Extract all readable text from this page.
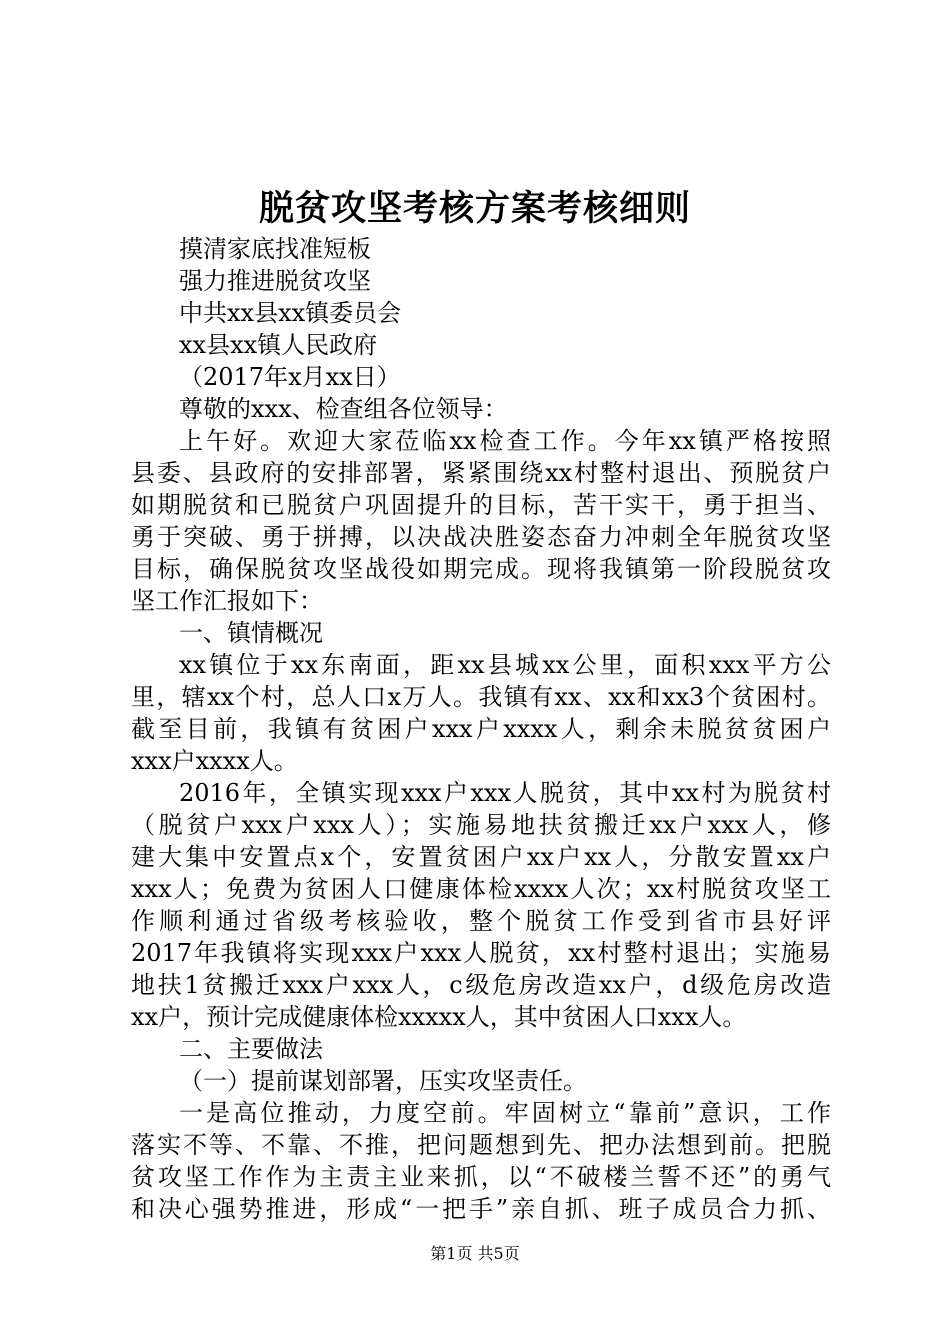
脱贫攻坚考核方案考核细则
摸清家底找准短板
强力推进脱贫攻坚
中共xx县xx镇委员会
xx县xx镇人民政府
（2017年x月xx日）
尊敬的xxx、检查组各位领导：
上午好。欢迎大家莅临xx检查工作。今年xx镇严格按照
县委、县政府的安排部署，紧紧围绕xx村整村退出、预脱贫户
如期脱贫和已脱贫户巩固提升的目标，苦干实干，勇于担当、
勇于突破、勇于拼搏，以决战决胜姿态奋力冲刺全年脱贫攻坚
目标，确保脱贫攻坚战役如期完成。现将我镇第一阶段脱贫攻
坚工作汇报如下：
一、镇情概况
xx镇位于xx东南面，距xx县城xx公里，面积xxx平方公
里，辖xx个村，总人口x万人。我镇有xx、xx和xx3个贫困村。
截至目前，我镇有贫困户xxx户xxxx人，剩余未脱贫贫困户
xxx户xxxx人。
2016年，全镇实现xxx户xxx人脱贫，其中xx村为脱贫村
（脱贫户xxx户xxx人）；实施易地扶贫搬迁xx户xxx人，修
建大集中安置点x个，安置贫困户xx户xx人，分散安置xx户
xxx人；免费为贫困人口健康体检xxxx人次；xx村脱贫攻坚工
作顺利通过省级考核验收，整个脱贫工作受到省市县好评
2017年我镇将实现xxx户xxx人脱贫，xx村整村退出；实施易
地扶1贫搬迁xxx户xxx人，c级危房改造xx户，d级危房改造
xx户，预计完成健康体检xxxxx人，其中贫困人口xxx人。
二、主要做法
（一）提前谋划部署，压实攻坚责任。
一是高位推动，力度空前。牢固树立“靠前”意识，工作
落实不等、不靠、不推，把问题想到先、把办法想到前。把脱
贫攻坚工作作为主责主业来抓，以“不破楼兰誓不还”的勇气
和决心强势推进，形成“一把手”亲自抓、班子成员合力抓、
第1页 共5页
